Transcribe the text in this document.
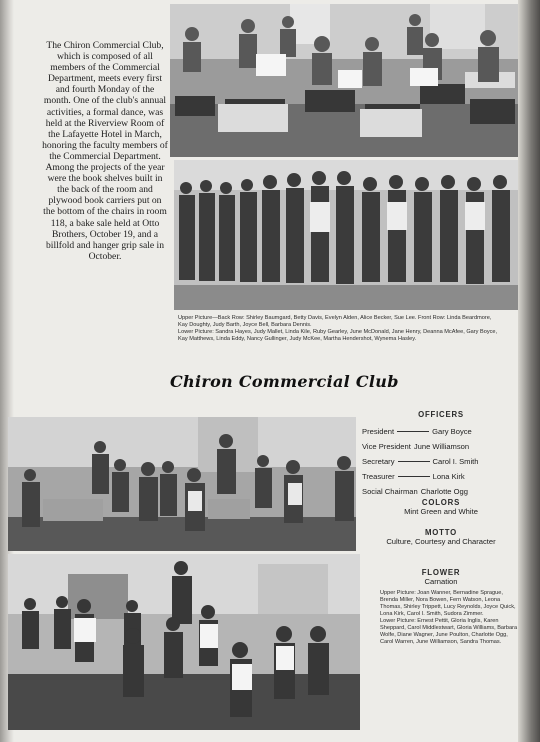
The Chiron Commercial Club, which is composed of all members of the Commercial Department, meets every first and fourth Monday of the month. One of the club's annual activities, a formal dance, was held at the Riverview Room of the Lafayette Hotel in March, honoring the faculty members of the Commercial Department. Among the projects of the year were the book shelves built in the back of the room and plywood book carriers put on the bottom of the chairs in room 118, a bake sale held at Otto Brothers, October 19, and a billfold and hanger grip sale in October.

Upper Picture—Back Row: Shirley Baumgard, Betty Davis, Evelyn Alden, Alice Becker, Sue Lee. Front Row: Linda Beardmore, Kay Doughty, Judy Barth, Joyce Bell, Barbara Dennis.

Lower Picture: Sandra Hayes, Judy Mallet, Linda Kile, Ruby Gearley, June McDonald, Jane Henry, Deanna McAfee, Gary Boyce, Kay Matthews, Linda Eddy, Nancy Gullinger, Judy McKee, Martha Hendershot, Wynema Hasley.

Chiron Commercial Club
OFFICERS
President	Gary Boyce
Vice President June Williamson
Secretary	Carol I. Smith
Treasurer	Lona Kirk
Social Chairman Charlotte Ogg
COLORS
Mint Green and White
MOTTO
Culture, Courtesy and Character
FLOWER
Carnation

Upper Picture: Joan Wanner, Bernadine Sprague, Brenda Miller, Nora Bowen, Fern Watson, Leona Thomas, Shirley Trippett, Lucy Reynolds, Joyce Quick, Lona Kirk, Carol I. Smith, Sudora Zimmer.

Lower Picture: Ernest Pettit, Gloria Inglis, Karen Sheppard, Carol Middlestwart, Gloria Williams, Barbara Wolfe, Diane Wagner, June Poulton, Charlotte Ogg, Carol Warren, June Williamson, Sandra Thomas.
